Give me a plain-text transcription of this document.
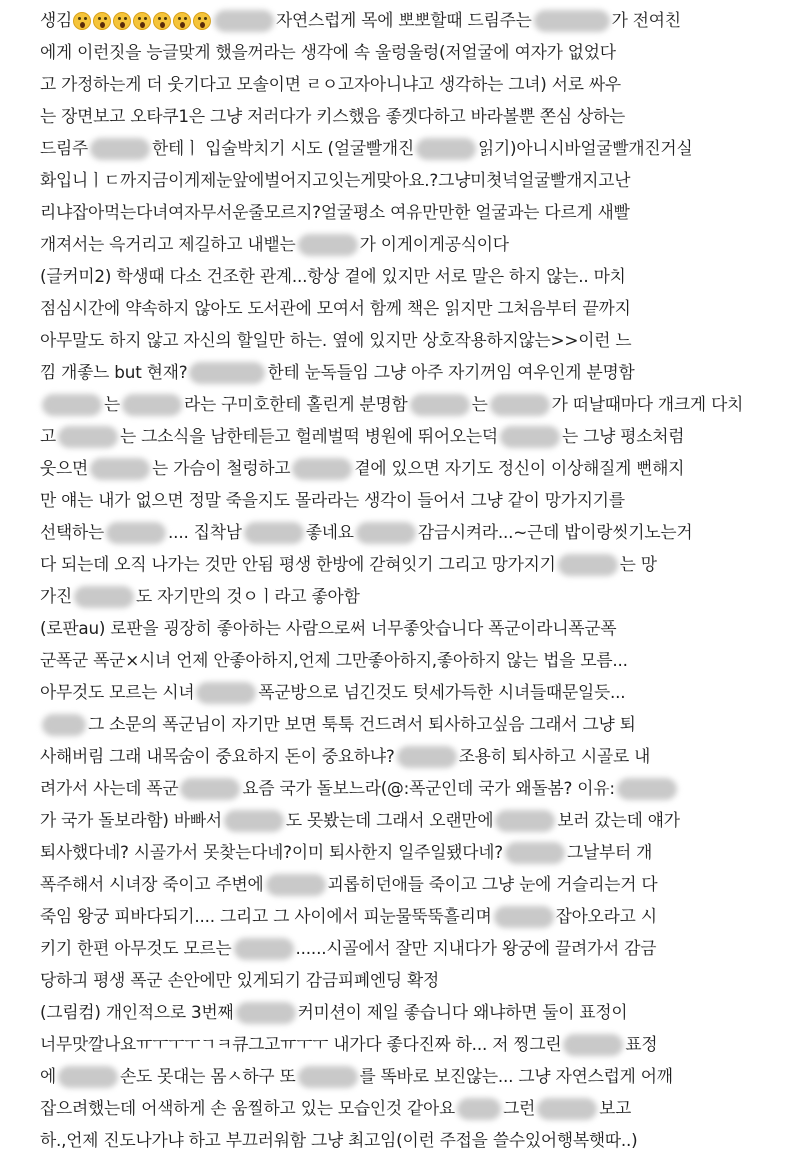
생김	자연스럽게 목에 뽀뽀할때 드림주는	가 전여친
에게 이런짓을 능글맞게 했을꺼라는 생각에 속 울렁울렁(저얼굴에 여자가 없었다
고 가정하는게 더 웃기다고 모솔이면 ㄹㅇ고자아니냐고 생각하는 그녀) 서로 싸우
는 장면보고 오타쿠1은 그냥 저러다가 키스했음 좋겟다하고 바라볼뿐 쫀심 상하는
드림주	한테ㅣ 입술박치기 시도 (얼굴빨개진	읽기)아니시바얼굴빨개진거실
화입니ㅣㄷ까지금이게제눈앞에벌어지고잇는게맞아요.?그냥미쳣넉얼굴빨개지고난
리냐잡아먹는다녀여자무서운줄모르지?얼굴평소 여유만만한 얼굴과는 다르게 새빨
개져서는 윽거리고 제길하고 내뱉는	가 이게이게공식이다
(글커미2) 학생때 다소 건조한 관계...항상 곁에 있지만 서로 말은 하지 않는.. 마치
점심시간에 약속하지 않아도 도서관에 모여서 함께 책은 읽지만 그처음부터 끝까지
아무말도 하지 않고 자신의 할일만 하는. 옆에 있지만 상호작용하지않는>>이런 느
낌 개좋느 but 현재?	한테 눈독들임 그냥 아주 자기꺼임 여우인게 분명함
는	라는 구미호한테 홀린게 분명함	는	가 떠날때마다 개크게 다치
고	는 그소식을 남한테듣고 헐레벌떡 병원에 뛰어오는덕	는 그냥 평소처럼
웃으면	는 가슴이 철렁하고	곁에 있으면 자기도 정신이 이상해질게 뻔해지
만 얘는 내가 없으면 정말 죽을지도 몰라라는 생각이 들어서 그냥 같이 망가지기를
선택하는	.... 집착남	좋네요	감금시켜라...~근데 밥이랑씻기노는거
다 되는데 오직 나가는 것만 안됨 평생 한방에 갇혀잇기 그리고 망가지기	는 망
가진	도 자기만의 것ㅇㅣ라고 좋아함
(로판au) 로판을 굉장히 좋아하는 사람으로써 너무좋앗습니다 폭군이라니폭군폭
군폭군 폭군×시녀 언제 안좋아하지,언제 그만좋아하지,좋아하지 않는 법을 모름...
아무것도 모르는 시녀	폭군방으로 넘긴것도 텃세가득한 시녀들때문일듯...
그 소문의 폭군님이 자기만 보면 툭툭 건드려서 퇴사하고싶음 그래서 그냥 퇴
사해버림 그래 내목숨이 중요하지 돈이 중요하냐?	조용히 퇴사하고 시골로 내
려가서 사는데 폭군	요즘 국가 돌보느라(@:폭군인데 국가 왜돌봄? 이유:
가 국가 돌보라함) 바빠서	도 못봤는데 그래서 오랜만에	보러 갔는데 얘가
퇴사했다네? 시골가서 못찾는다네?이미 퇴사한지 일주일됐다네?	그날부터 개
폭주해서 시녀장 죽이고 주변에	괴롭히던애들 죽이고 그냥 눈에 거슬리는거 다
죽임 왕궁 피바다되기.... 그리고 그 사이에서 피눈물뚝뚝흘리며	잡아오라고 시
키기 한편 아무것도 모르는	......시골에서 잘만 지내다가 왕궁에 끌려가서 감금
당하긔 평생 폭군 손안에만 있게되기 감금피폐엔딩 확정
(그림컴) 개인적으로 3번째	커미션이 제일 좋습니다 왜냐하면 둘이 표정이
너무맛깔나요ㅠㅜㅜㅜㄱㅋ큐그고ㅠㅜㅜ 내가다 좋다진짜 하... 저 찡그린	표정
에	손도 못대는 몸ㅅ하구 또	를 똑바로 보진않는... 그냥 자연스럽게 어깨
잡으려했는데 어색하게 손 움찔하고 있는 모습인것 같아요	그런	보고
하.,언제 진도나가냐 하고 부끄러워함 그냥 최고임(이런 주접을 쓸수있어행복햇따..)
